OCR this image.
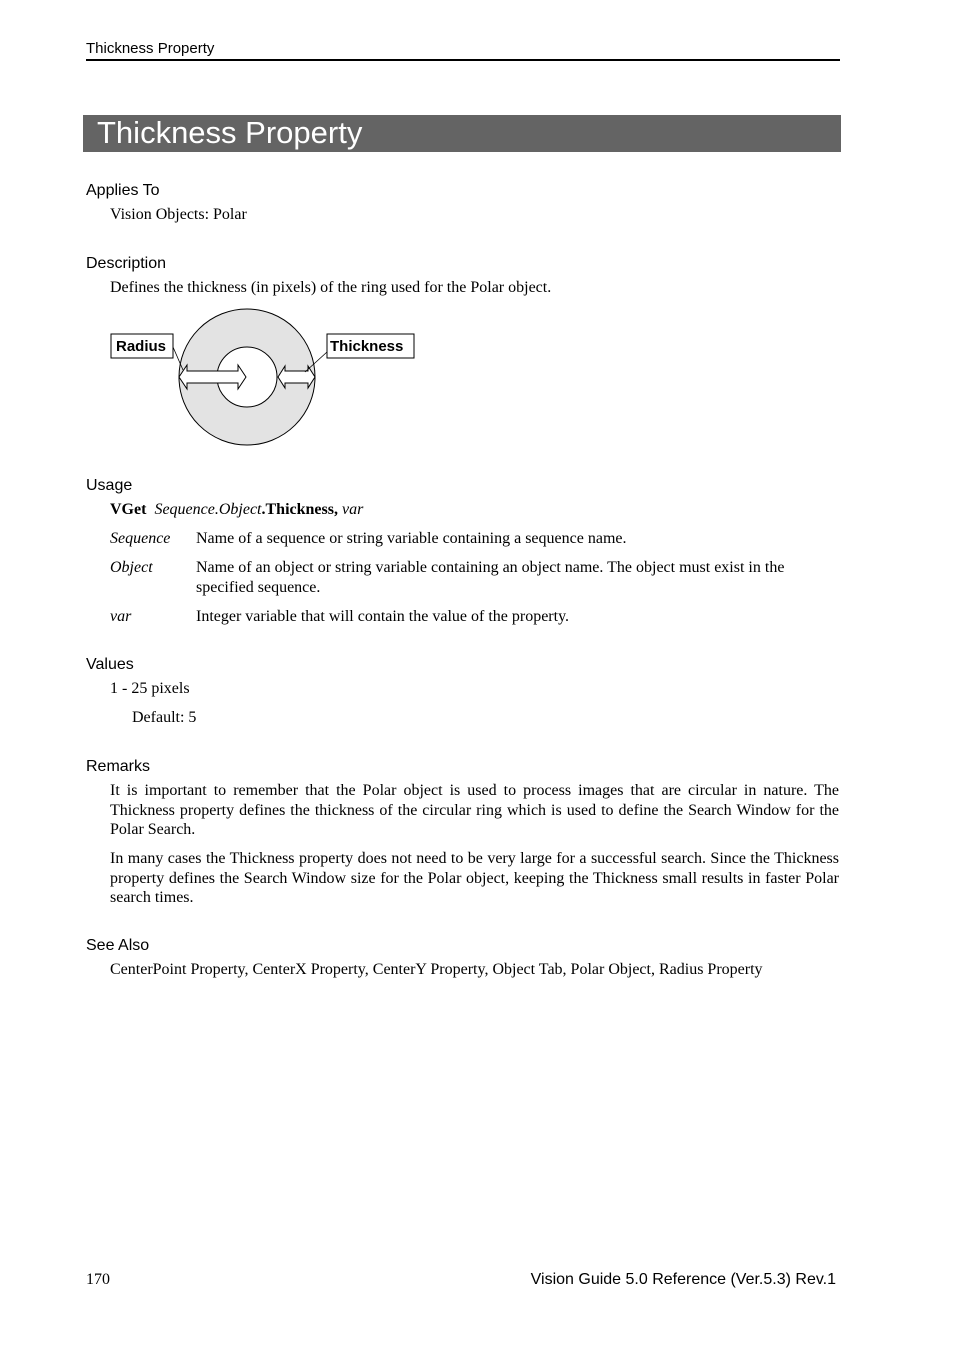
Thickness Property
Thickness Property
Applies To
Vision Objects: Polar
Description
Defines the thickness (in pixels) of the ring used for the Polar object.
Radius	Thickness
Usage
VGet Sequence.Object.Thickness, var
Sequence Name of a sequence or string variable containing a sequence name.
Object	Name of an object or string variable containing an object name. The object must exist in the specified sequence.
var	Integer variable that will contain the value of the property.
Values
1 - 25 pixels
Default: 5
Remarks
It is important to remember that the Polar object is used to process images that are circular in nature. The Thickness property defines the thickness of the circular ring which is used to define the Search Window for the Polar Search.
In many cases the Thickness property does not need to be very large for a successful search. Since the Thickness property defines the Search Window size for the Polar object, keeping the Thickness small results in faster Polar search times.
See Also
CenterPoint Property, CenterX Property, CenterY Property, Object Tab, Polar Object, Radius Property
170	Vision Guide 5.0 Reference (Ver.5.3) Rev.1
